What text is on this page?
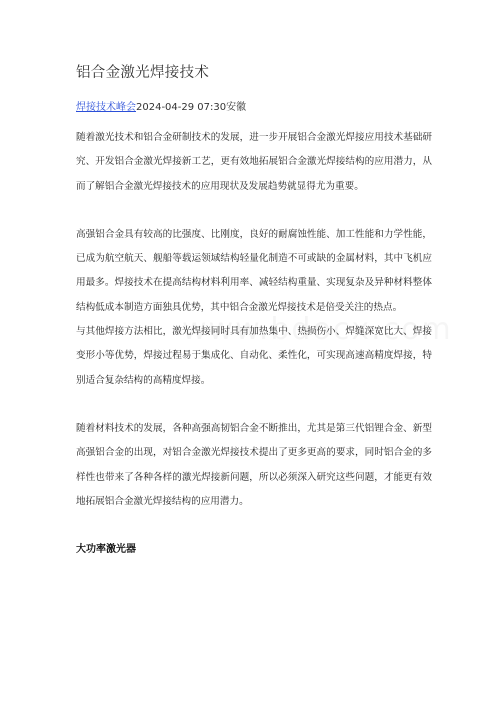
铝合金激光焊接技术
焊接技术峰会2024-04-29 07:30安徽

随着激光技术和铝合金研制技术的发展，进一步开展铝合金激光焊接应用技术基础研究、开发铝合金激光焊接新工艺，更有效地拓展铝合金激光焊接结构的应用潜力，从而了解铝合金激光焊接技术的应用现状及发展趋势就显得尤为重要。

高强铝合金具有较高的比强度、比刚度，良好的耐腐蚀性能、加工性能和力学性能，已成为航空航天、舰船等载运领域结构轻量化制造不可或缺的金属材料，其中飞机应用最多。焊接技术在提高结构材料利用率、减轻结构重量、实现复杂及异种材料整体结构低成本制造方面独具优势，其中铝合金激光焊接技术是倍受关注的热点。

与其他焊接方法相比，激光焊接同时具有加热集中、热损伤小、焊缝深宽比大、焊接变形小等优势，焊接过程易于集成化、自动化、柔性化，可实现高速高精度焊接，特别适合复杂结构的高精度焊接。

随着材料技术的发展，各种高强高韧铝合金不断推出，尤其是第三代铝锂合金、新型高强铝合金的出现，对铝合金激光焊接技术提出了更多更高的要求，同时铝合金的多样性也带来了各种各样的激光焊接新问题，所以必须深入研究这些问题，才能更有效地拓展铝合金激光焊接结构的应用潜力。

大功率激光器
